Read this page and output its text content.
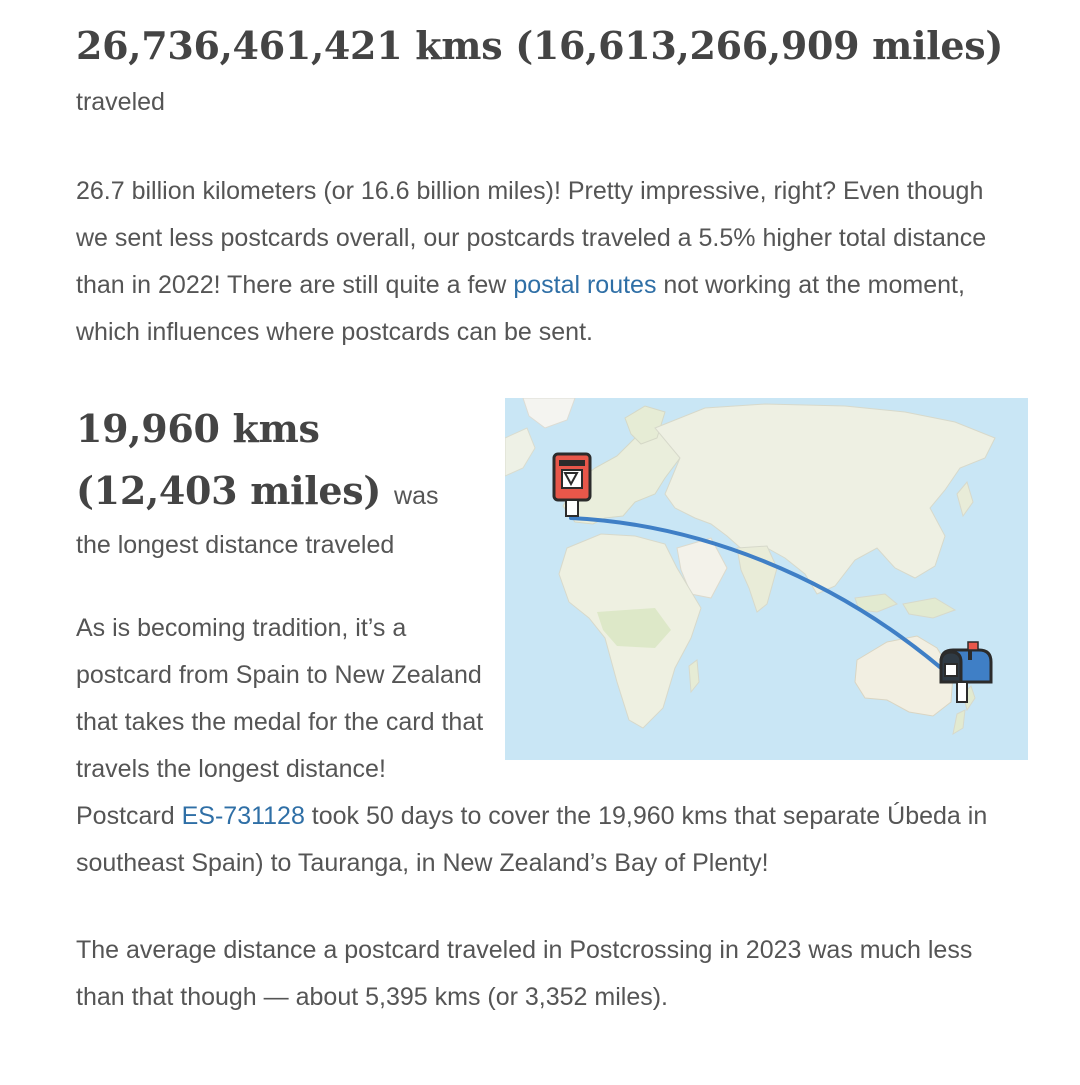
26,736,461,421 kms (16,613,266,909 miles)
traveled

26.7 billion kilometers (or 16.6 billion miles)! Pretty impressive, right? Even though we sent less postcards overall, our postcards traveled a 5.5% higher total distance than in 2022! There are still quite a few postal routes not working at the moment, which influences where postcards can be sent.

19,960 kms

(12,403 miles) was

the longest distance traveled

As is becoming tradition, it’s a postcard from Spain to New Zealand that takes the medal for the card that travels the longest distance! Postcard ES-731128 took 50 days to cover the 19,960 kms that separate Úbeda in southeast Spain) to Tauranga, in New Zealand’s Bay of Plenty!

The average distance a postcard traveled in Postcrossing in 2023 was much less than that though — about 5,395 kms (or 3,352 miles).
